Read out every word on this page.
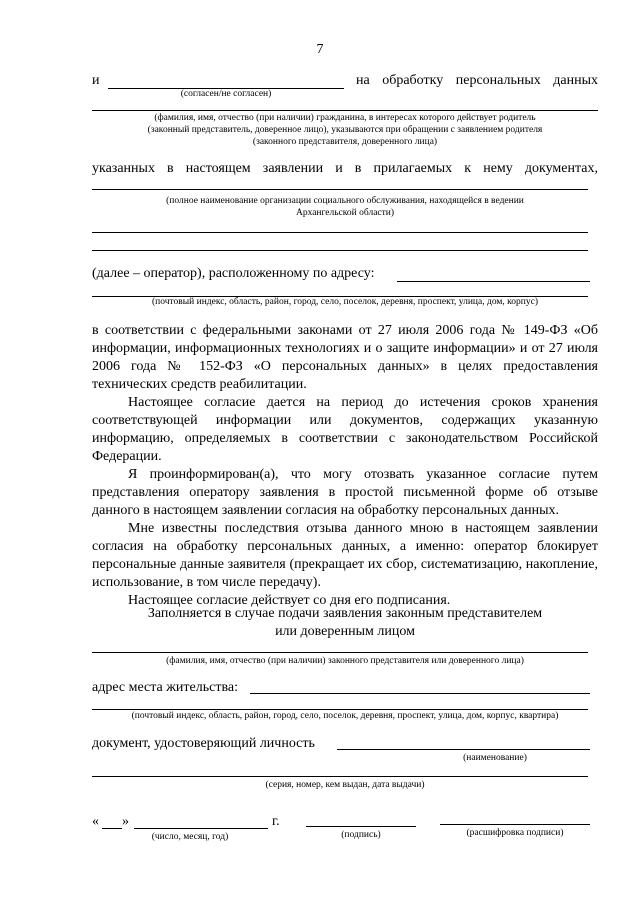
7
и	на обработку персональных данных
(согласен/не согласен)
(фамилия, имя, отчество (при наличии) гражданина, в интересах которого действует родитель
(законный представитель, доверенное лицо), указываются при обращении с заявлением родителя
(законного представителя, доверенного лица)
указанных в настоящем заявлении и в прилагаемых к нему документах,
(полное наименование организации социального обслуживания, находящейся в ведении
Архангельской области)
(далее – оператор), расположенному по адресу:
(почтовый индекс, область, район, город, село, поселок, деревня, проспект, улица, дом, корпус)

в соответствии с федеральными законами от 27 июля 2006 года № 149-ФЗ «Об информации, информационных технологиях и о защите информации» и от 27 июля 2006 года № 152-ФЗ «О персональных данных» в целях предоставления технических средств реабилитации.

Настоящее согласие дается на период до истечения сроков хранения соответствующей информации или документов, содержащих указанную информацию, определяемых в соответствии с законодательством Российской Федерации.

Я проинформирован(а), что могу отозвать указанное согласие путем представления оператору заявления в простой письменной форме об отзыве данного в настоящем заявлении согласия на обработку персональных данных.

Мне известны последствия отзыва данного мною в настоящем заявлении согласия на обработку персональных данных, а именно: оператор блокирует персональные данные заявителя (прекращает их сбор, систематизацию, накопление, использование, в том числе передачу).

Настоящее согласие действует со дня его подписания.

Заполняется в случае подачи заявления законным представителем
или доверенным лицом
(фамилия, имя, отчество (при наличии) законного представителя или доверенного лица)
адрес места жительства:
(почтовый индекс, область, район, город, село, поселок, деревня, проспект, улица, дом, корпус, квартира)
документ, удостоверяющий личность
(наименование)
(серия, номер, кем выдан, дата выдачи)
« »	г.
(число, месяц, год)	(подпись)	(расшифровка подписи)
